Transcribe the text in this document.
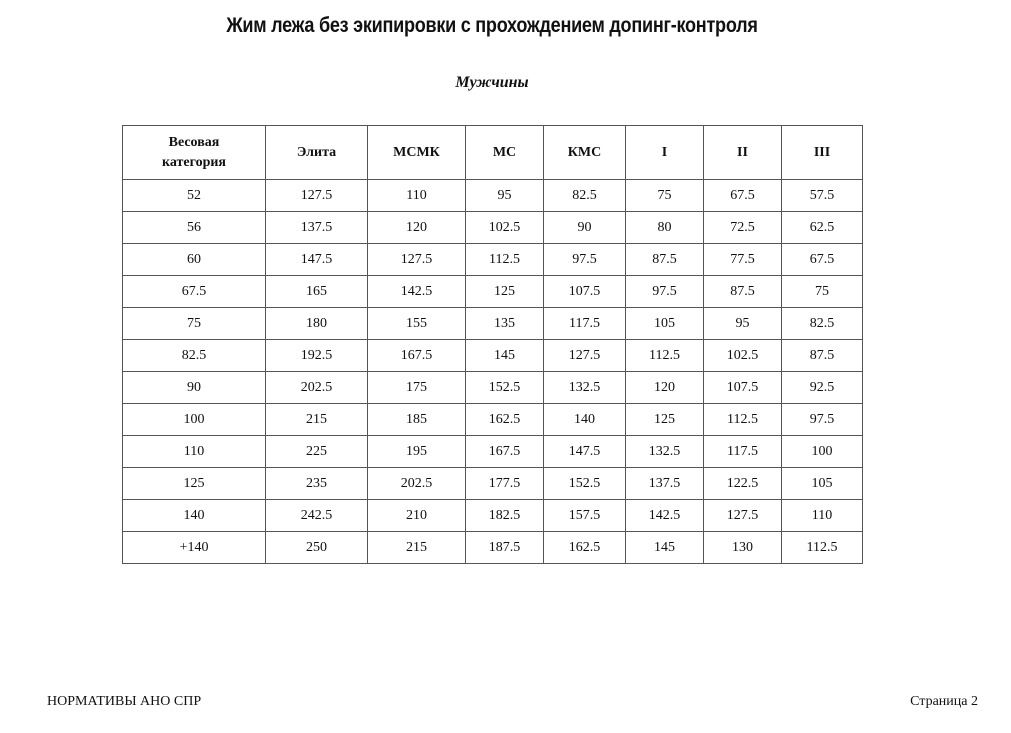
Жим лежа без экипировки с прохождением допинг-контроля
Мужчины
Весовая категория	Элита	МСМК	МС	КМС	I	II	III
52	127.5	110	95	82.5	75	67.5	57.5
56	137.5	120	102.5	90	80	72.5	62.5
60	147.5	127.5	112.5	97.5	87.5	77.5	67.5
67.5	165	142.5	125	107.5	97.5	87.5	75
75	180	155	135	117.5	105	95	82.5
82.5	192.5	167.5	145	127.5	112.5	102.5	87.5
90	202.5	175	152.5	132.5	120	107.5	92.5
100	215	185	162.5	140	125	112.5	97.5
110	225	195	167.5	147.5	132.5	117.5	100
125	235	202.5	177.5	152.5	137.5	122.5	105
140	242.5	210	182.5	157.5	142.5	127.5	110
+140	250	215	187.5	162.5	145	130	112.5
НОРМАТИВЫ АНО СПР	Страница 2
